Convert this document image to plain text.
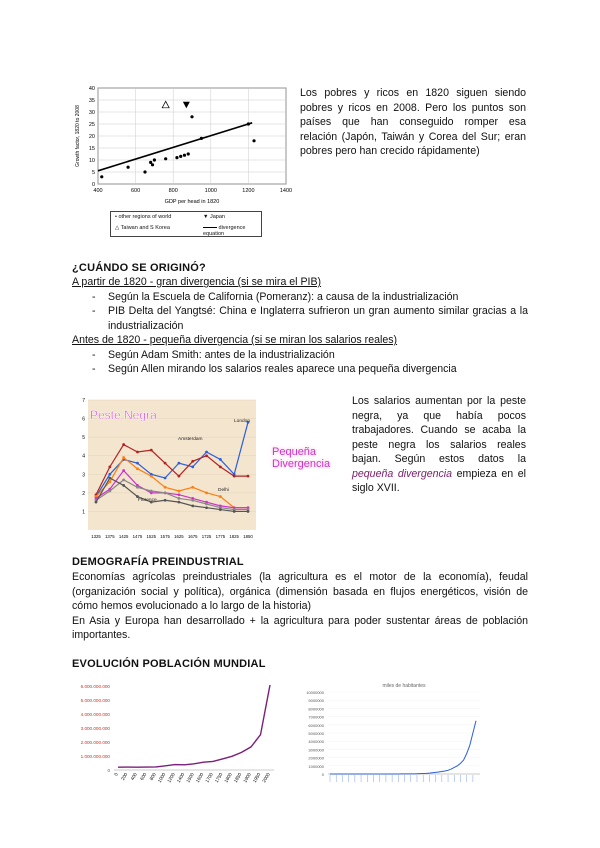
0
5
10
15
20
25
30
35
40
400	600	800	1000	1200	1400
GDP per head in 1820
Growth factor, 1820 to 2008
• other regions of world	▼ Japan
△ Taiwan and S Korea	divergence equation
Los pobres y ricos en 1820 siguen siendo pobres y ricos en 2008. Pero los puntos son países que han conseguido romper esa relación (Japón, Taiwán y Corea del Sur; eran pobres pero han crecido rápidamente)
¿CUÁNDO SE ORIGINÓ?
A partir de 1820 - gran divergencia (si se mira el PIB)
- Según la Escuela de California (Pomeranz): a causa de la industrialización
- PIB Delta del Yangtsé: China e Inglaterra sufrieron un gran aumento similar gracias a la industrialización
Antes de 1820 - pequeña divergencia (si se miran los salarios reales)
- Según Adam Smith: antes de la industrialización
- Según Allen mirando los salarios reales aparece una pequeña divergencia
1
2
3
4
5
6
7
1325 1375 1425 1475 1525 1575 1625 1675 1725 1775 1825 1850
London
Amsterdam
Delhi
Florence
Peste Negra
Pequeña Divergencia
Los salarios aumentan por la peste negra, ya que había pocos trabajadores. Cuando se acaba la peste negra los salarios reales bajan. Según estos datos la pequeña divergencia empieza en el siglo XVII.
DEMOGRAFÍA PREINDUSTRIAL
Economías agrícolas preindustriales (la agricultura es el motor de la economía), feudal (organización social y política), orgánica (dimensión basada en flujos energéticos, visión de cómo hemos evolucionado a lo largo de la historia)
En Asia y Europa han desarrollado + la agricultura para poder sustentar áreas de población importantes.
EVOLUCIÓN POBLACIÓN MUNDIAL
0
1.000.000.000
2.000.000.000
3.000.000.000
4.000.000.000
5.000.000.000
6.000.000.000
0 200 400 600 800 1000 1200 1400 1500 1600 1700 1750 1800 1850 1900 1950 2000
miles de habitantes
0
1000000
2000000
3000000
4000000
5000000
6000000
7000000
8000000
9000000
10000000
